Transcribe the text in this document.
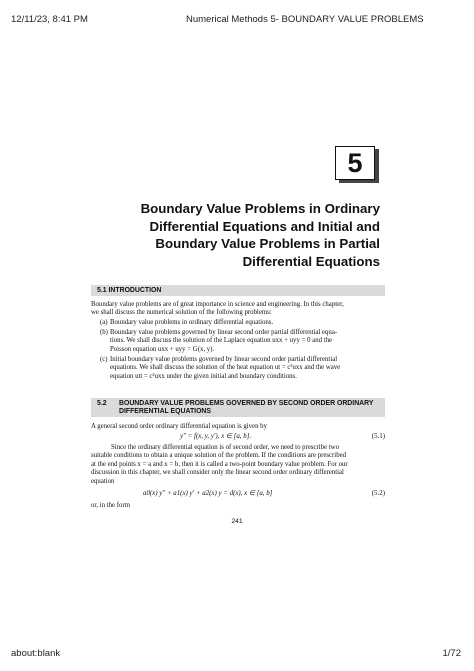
12/11/23, 8:41 PM	Numerical Methods 5- BOUNDARY VALUE PROBLEMS
5
Boundary Value Problems in Ordinary
Differential Equations and Initial and
Boundary Value Problems in Partial
Differential Equations
5.1 INTRODUCTION
Boundary value problems are of great importance in science and engineering. In this chapter,
we shall discuss the numerical solution of the following problems:
(a) Boundary value problems in ordinary differential equations.
(b) Boundary value problems governed by linear second order partial differential equa-
tions. We shall discuss the solution of the Laplace equation uxx + uyy = 0 and the
Poisson equation uxx + uyy = G(x, y).
(c) Initial boundary value problems governed by linear second order partial differential
equations. We shall discuss the solution of the heat equation ut = c²uxx and the wave
equation utt = c²uxx under the given initial and boundary conditions.
5.2 BOUNDARY VALUE PROBLEMS GOVERNED BY SECOND ORDER ORDINARY
DIFFERENTIAL EQUATIONS
A general second order ordinary differential equation is given by
y″ = f(x, y, y′), x ∈ [a, b].	(5.1)
Since the ordinary differential equation is of second order, we need to prescribe two
suitable conditions to obtain a unique solution of the problem. If the conditions are prescribed
at the end points x = a and x = b, then it is called a two-point boundary value problem. For our
discussion in this chapter, we shall consider only the linear second order ordinary differential
equation
a0(x) y″ + a1(x) y′ + a2(x) y = d(x), x ∈ [a, b]	(5.2)
or, in the form
241
about:blank	1/72
